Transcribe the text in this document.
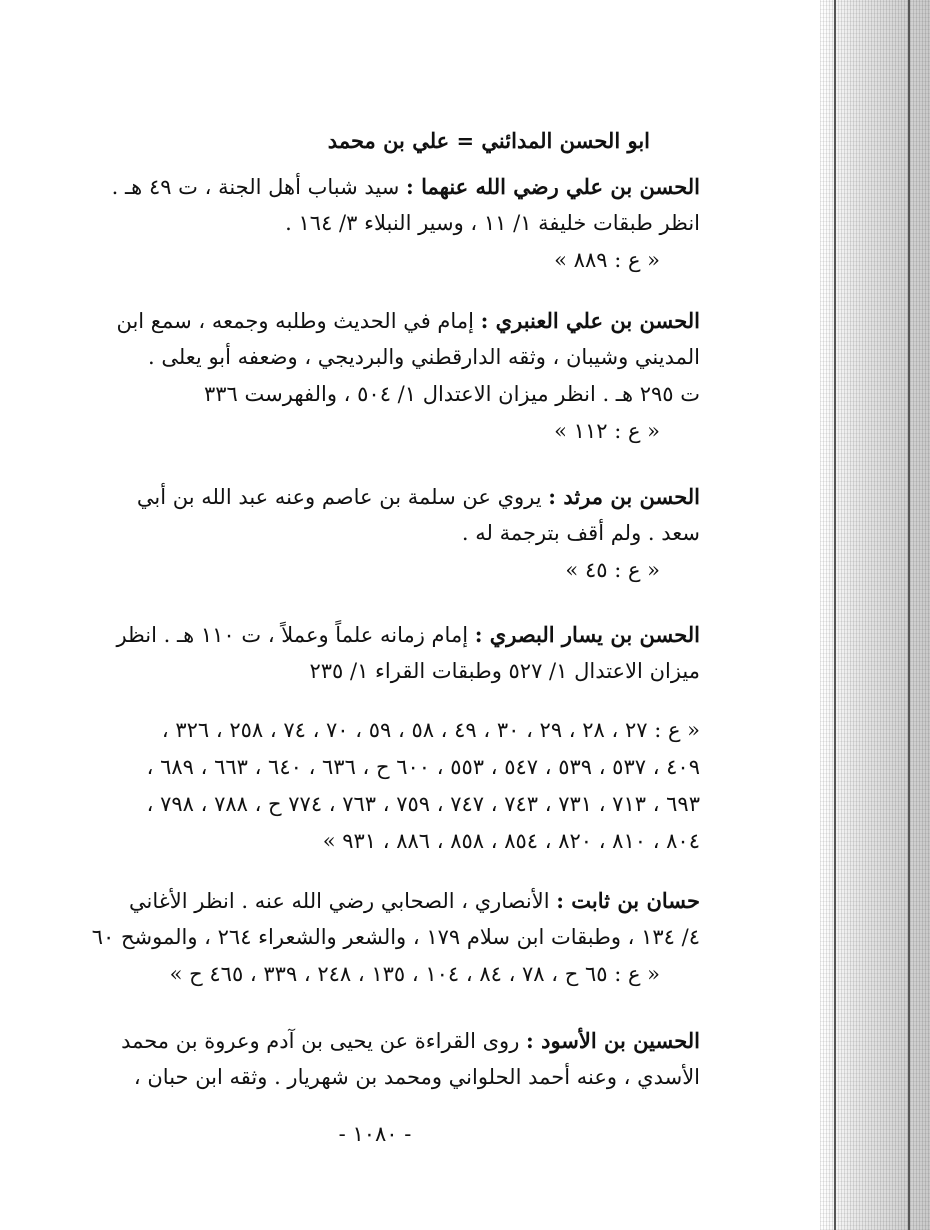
ابو الحسن المدائني = علي بن محمد
الحسن بن علي رضي الله عنهما : سيد شباب أهل الجنة ، ت ٤٩ هـ .
انظر طبقات خليفة ١/ ١١ ، وسير النبلاء ٣/ ١٦٤ .
« ع : ٨٨٩ »
الحسن بن علي العنبري : إمام في الحديث وطلبه وجمعه ، سمع ابن
المديني وشيبان ، وثقه الدارقطني والبرديجي ، وضعفه أبو يعلى .
ت ٢٩٥ هـ . انظر ميزان الاعتدال ١/ ٥٠٤ ، والفهرست ٣٣٦
« ع : ١١٢ »
الحسن بن مرثد : يروي عن سلمة بن عاصم وعنه عبد الله بن أبي
سعد . ولم أقف بترجمة له .
« ع : ٤٥ »
الحسن بن يسار البصري : إمام زمانه علماً وعملاً ، ت ١١٠ هـ . انظر
ميزان الاعتدال ١/ ٥٢٧ وطبقات القراء ١/ ٢٣٥
« ع : ٢٧ ، ٢٨ ، ٢٩ ، ٣٠ ، ٤٩ ، ٥٨ ، ٥٩ ، ٧٠ ، ٧٤ ، ٢٥٨ ، ٣٢٦ ،
٤٠٩ ، ٥٣٧ ، ٥٣٩ ، ٥٤٧ ، ٥٥٣ ، ٦٠٠ ح ، ٦٣٦ ، ٦٤٠ ، ٦٦٣ ، ٦٨٩ ،
٦٩٣ ، ٧١٣ ، ٧٣١ ، ٧٤٣ ، ٧٤٧ ، ٧٥٩ ، ٧٦٣ ، ٧٧٤ ح ، ٧٨٨ ، ٧٩٨ ،
٨٠٤ ، ٨١٠ ، ٨٢٠ ، ٨٥٤ ، ٨٥٨ ، ٨٨٦ ، ٩٣١ »
حسان بن ثابت : الأنصاري ، الصحابي رضي الله عنه . انظر الأغاني
٤/ ١٣٤ ، وطبقات ابن سلام ١٧٩ ، والشعر والشعراء ٢٦٤ ، والموشح ٦٠
« ع : ٦٥ ح ، ٧٨ ، ٨٤ ، ١٠٤ ، ١٣٥ ، ٢٤٨ ، ٣٣٩ ، ٤٦٥ ح »
الحسين بن الأسود : روى القراءة عن يحيى بن آدم وعروة بن محمد
الأسدي ، وعنه أحمد الحلواني ومحمد بن شهريار . وثقه ابن حبان ،
- ١٠٨٠ -
